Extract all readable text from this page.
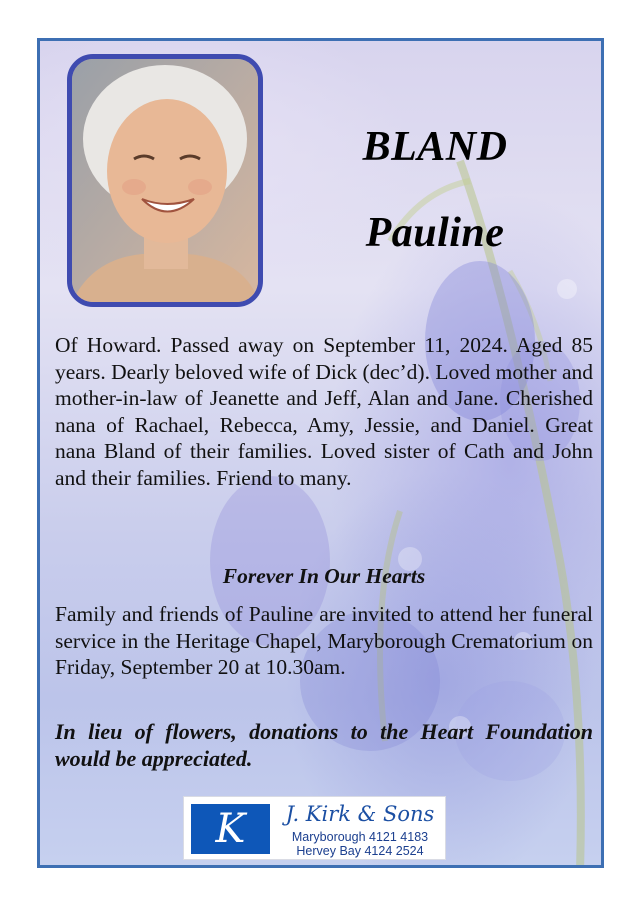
BLAND
Pauline

Of Howard. Passed away on September 11, 2024. Aged 85 years. Dearly beloved wife of Dick (dec’d). Loved mother and mother-in-law of Jeanette and Jeff, Alan and Jane. Cherished nana of Rachael, Rebecca, Amy, Jessie, and Daniel. Great nana Bland of their families. Loved sister of Cath and John and their families. Friend to many.

Forever In Our Hearts

Family and friends of Pauline are invited to attend her funeral service in the Heritage Chapel, Maryborough Crematorium on Friday, September 20 at 10.30am.

In lieu of flowers, donations to the Heart Foundation would be appreciated.

K	J. Kirk & Sons
Maryborough 4121 4183
Hervey Bay 4124 2524
